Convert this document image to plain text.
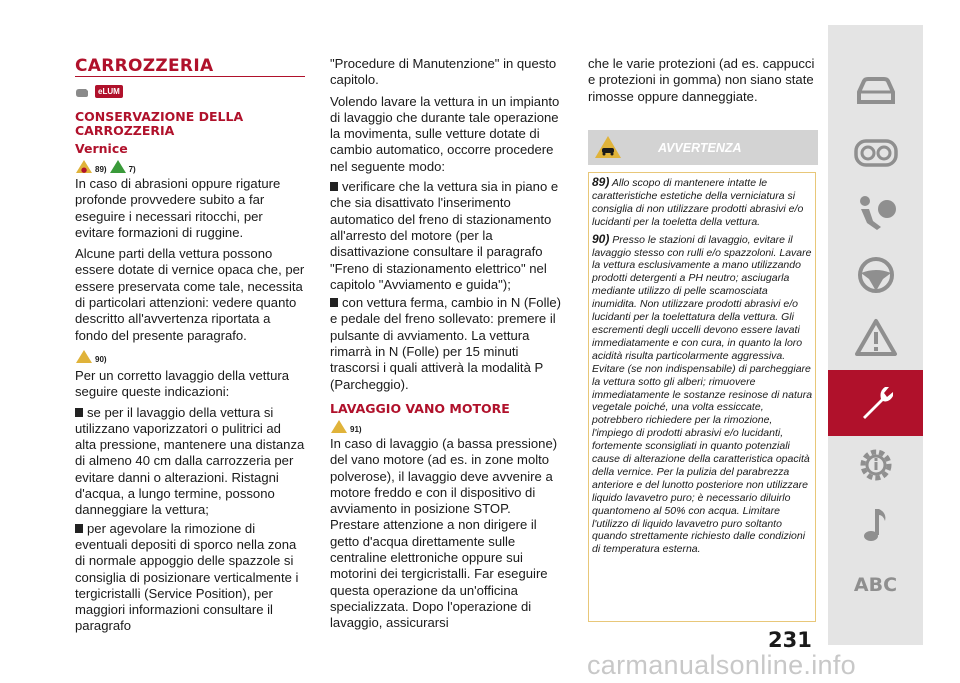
CARROZZERIA
eLUM
CONSERVAZIONE DELLA CARROZZERIA
Vernice
● 89)	7)

In caso di abrasioni oppure rigature profonde provvedere subito a far eseguire i necessari ritocchi, per evitare formazioni di ruggine.

Alcune parti della vettura possono essere dotate di vernice opaca che, per essere preservata come tale, necessita di particolari attenzioni: vedere quanto descritto all'avvertenza riportata a fondo del presente paragrafo.

90)

Per un corretto lavaggio della vettura seguire queste indicazioni:

se per il lavaggio della vettura si utilizzano vaporizzatori o pulitrici ad alta pressione, mantenere una distanza di almeno 40 cm dalla carrozzeria per evitare danni o alterazioni. Ristagni d'acqua, a lungo termine, possono danneggiare la vettura;

per agevolare la rimozione di eventuali depositi di sporco nella zona di normale appoggio delle spazzole si consiglia di posizionare verticalmente i tergicristalli (Service Position), per maggiori informazioni consultare il paragrafo

"Procedure di Manutenzione" in questo capitolo.

Volendo lavare la vettura in un impianto di lavaggio che durante tale operazione la movimenta, sulle vetture dotate di cambio automatico, occorre procedere nel seguente modo:

verificare che la vettura sia in piano e che sia disattivato l'inserimento automatico del freno di stazionamento all'arresto del motore (per la disattivazione consultare il paragrafo "Freno di stazionamento elettrico" nel capitolo "Avviamento e guida");

con vettura ferma, cambio in N (Folle) e pedale del freno sollevato: premere il pulsante di avviamento. La vettura rimarrà in N (Folle) per 15 minuti trascorsi i quali attiverà la modalità P (Parcheggio).

LAVAGGIO VANO MOTORE
91)

In caso di lavaggio (a bassa pressione) del vano motore (ad es. in zone molto polverose), il lavaggio deve avvenire a motore freddo e con il dispositivo di avviamento in posizione STOP. Prestare attenzione a non dirigere il getto d'acqua direttamente sulle centraline elettroniche oppure sui motorini dei tergicristalli. Far eseguire questa operazione da un'officina specializzata. Dopo l'operazione di lavaggio, assicurarsi

che le varie protezioni (ad es. cappucci e protezioni in gomma) non siano state rimosse oppure danneggiate.

AVVERTENZA
89) Allo scopo di mantenere intatte le caratteristiche estetiche della verniciatura si consiglia di non utilizzare prodotti abrasivi e/o lucidanti per la toeletta della vettura.
90) Presso le stazioni di lavaggio, evitare il lavaggio stesso con rulli e/o spazzoloni. Lavare la vettura esclusivamente a mano utilizzando prodotti detergenti a PH neutro; asciugarla mediante utilizzo di pelle scamosciata inumidita. Non utilizzare prodotti abrasivi e/o lucidanti per la toelettatura della vettura. Gli escrementi degli uccelli devono essere lavati immediatamente e con cura, in quanto la loro acidità risulta particolarmente aggressiva. Evitare (se non indispensabile) di parcheggiare la vettura sotto gli alberi; rimuovere immediatamente le sostanze resinose di natura vegetale poiché, una volta essiccate, potrebbero richiedere per la rimozione, l'impiego di prodotti abrasivi e/o lucidanti, fortemente sconsigliati in quanto potenziali cause di alterazione della caratteristica opacità della vernice. Per la pulizia del parabrezza anteriore e del lunotto posteriore non utilizzare liquido lavavetro puro; è necessario diluirlo quantomeno al 50% con acqua. Limitare l'utilizzo di liquido lavavetro puro soltanto quando strettamente richiesto dalle condizioni di temperatura esterna.
231
ABC
carmanualsonline.info
